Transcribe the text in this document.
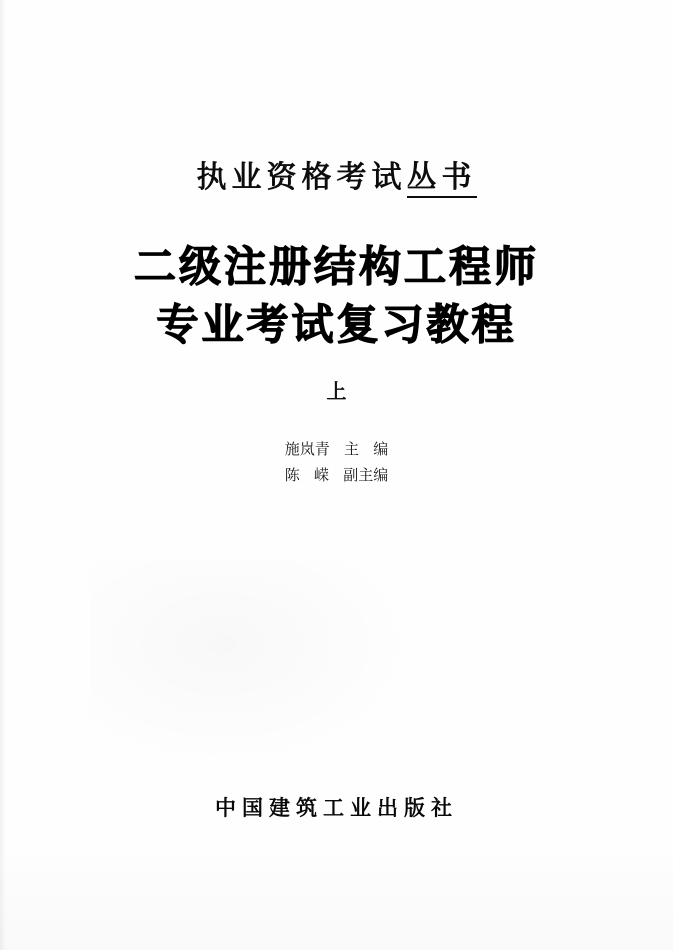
执业资格考试丛书
二级注册结构工程师
专业考试复习教程
上
施岚青   主   编
陈   嵘   副主编
中国建筑工业出版社
